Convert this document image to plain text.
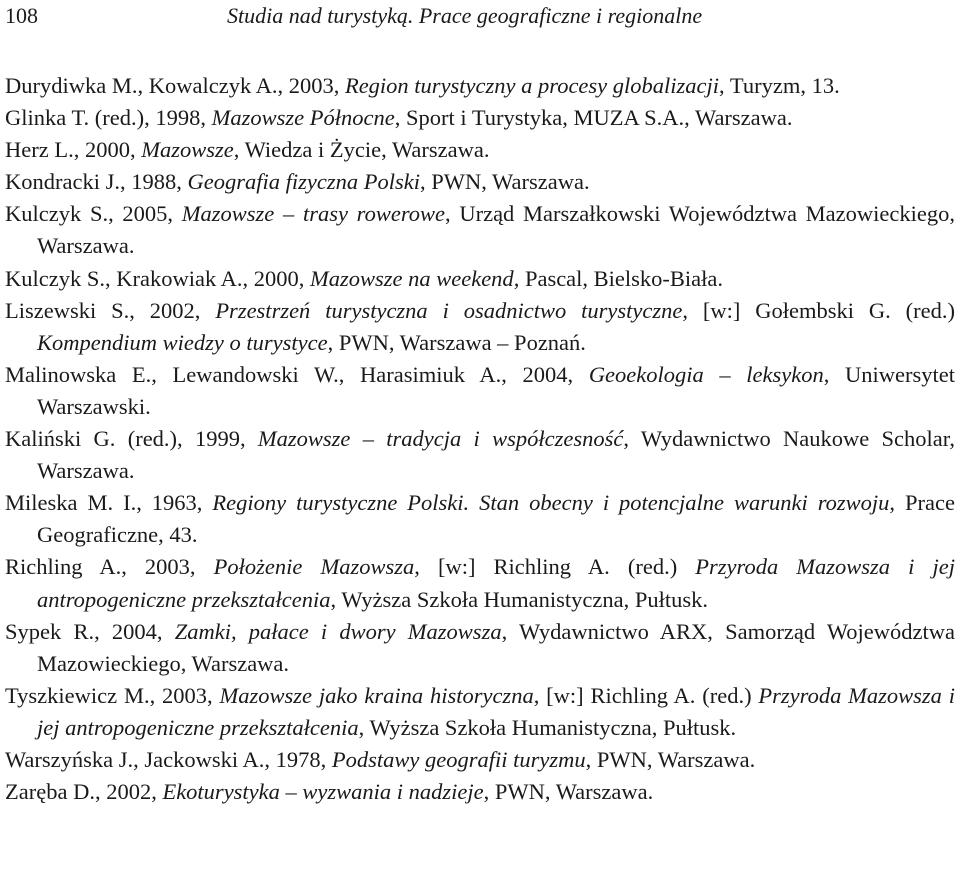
108	Studia nad turystyką. Prace geograficzne i regionalne
Durydiwka M., Kowalczyk A., 2003, Region turystyczny a procesy globalizacji, Turyzm, 13.
Glinka T. (red.), 1998, Mazowsze Północne, Sport i Turystyka, MUZA S.A., Warszawa.
Herz L., 2000, Mazowsze, Wiedza i Życie, Warszawa.
Kondracki J., 1988, Geografia fizyczna Polski, PWN, Warszawa.
Kulczyk S., 2005, Mazowsze – trasy rowerowe, Urząd Marszałkowski Województwa Mazowieckiego, Warszawa.
Kulczyk S., Krakowiak A., 2000, Mazowsze na weekend, Pascal, Bielsko-Biała.
Liszewski S., 2002, Przestrzeń turystyczna i osadnictwo turystyczne, [w:] Gołembski G. (red.) Kompendium wiedzy o turystyce, PWN, Warszawa – Poznań.
Malinowska E., Lewandowski W., Harasimiuk A., 2004, Geoekologia – leksykon, Uniwersytet Warszawski.
Kaliński G. (red.), 1999, Mazowsze – tradycja i współczesność, Wydawnictwo Naukowe Scholar, Warszawa.
Mileska M. I., 1963, Regiony turystyczne Polski. Stan obecny i potencjalne warunki rozwoju, Prace Geograficzne, 43.
Richling A., 2003, Położenie Mazowsza, [w:] Richling A. (red.) Przyroda Mazowsza i jej antropogeniczne przekształcenia, Wyższa Szkoła Humanistyczna, Pułtusk.
Sypek R., 2004, Zamki, pałace i dwory Mazowsza, Wydawnictwo ARX, Samorząd Województwa Mazowieckiego, Warszawa.
Tyszkiewicz M., 2003, Mazowsze jako kraina historyczna, [w:] Richling A. (red.) Przyroda Mazowsza i jej antropogeniczne przekształcenia, Wyższa Szkoła Humanistyczna, Pułtusk.
Warszyńska J., Jackowski A., 1978, Podstawy geografii turyzmu, PWN, Warszawa.
Zaręba D., 2002, Ekoturystyka – wyzwania i nadzieje, PWN, Warszawa.
